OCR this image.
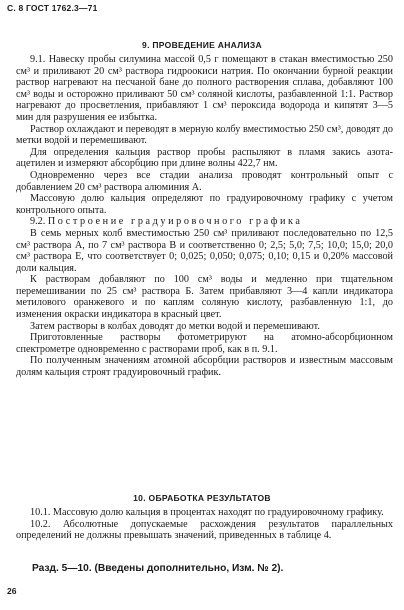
С. 8 ГОСТ 1762.3—71
9. ПРОВЕДЕНИЕ АНАЛИЗА

9.1. Навеску пробы силумина массой 0,5 г помещают в стакан вместимостью 250 см³ и приливают 20 см³ раствора гидроокиси натрия. По окончании бурной реакции раствор нагревают на песчаной бане до полного растворения сплава, добавляют 100 см³ воды и осторожно приливают 50 см³ соляной кислоты, разбавленной 1:1. Раствор нагревают до просветления, прибавляют 1 см³ пероксида водорода и кипятят 3—5 мин для разрушения ее избытка.

Раствор охлаждают и переводят в мерную колбу вместимостью 250 см³, доводят до метки водой и перемешивают.

Для определения кальция раствор пробы распыляют в пламя закись азота-ацетилен и измеряют абсорбцию при длине волны 422,7 нм.

Одновременно через все стадии анализа проводят контрольный опыт с добавлением 20 см³ раствора алюминия А.

Массовую долю кальция определяют по градуировочному графику с учетом контрольного опыта.

9.2. Построение градуировочного графика

В семь мерных колб вместимостью 250 см³ приливают последовательно по 12,5 см³ раствора А, по 7 см³ раствора В и соответственно 0; 2,5; 5,0; 7,5; 10,0; 15,0; 20,0 см³ раствора Е, что соответствует 0; 0,025; 0,050; 0,075; 0,10; 0,15 и 0,20% массовой доли кальция.

К растворам добавляют по 100 см³ воды и медленно при тщательном перемешивании по 25 см³ раствора Б. Затем прибавляют 3—4 капли индикатора метилового оранжевого и по каплям соляную кислоту, разбавленную 1:1, до изменения окраски индикатора в красный цвет.

Затем растворы в колбах доводят до метки водой и перемешивают.

Приготовленные растворы фотометрируют на атомно-абсорбционном спектрометре одновременно с растворами проб, как в п. 9.1.

По полученным значениям атомной абсорбции растворов и известным массовым долям кальция строят градуировочный график.

10. ОБРАБОТКА РЕЗУЛЬТАТОВ

10.1. Массовую долю кальция в процентах находят по градуировочному графику.

10.2. Абсолютные допускаемые расхождения результатов параллельных определений не должны превышать значений, приведенных в таблице 4.

Разд. 5—10. (Введены дополнительно, Изм. № 2).
26
